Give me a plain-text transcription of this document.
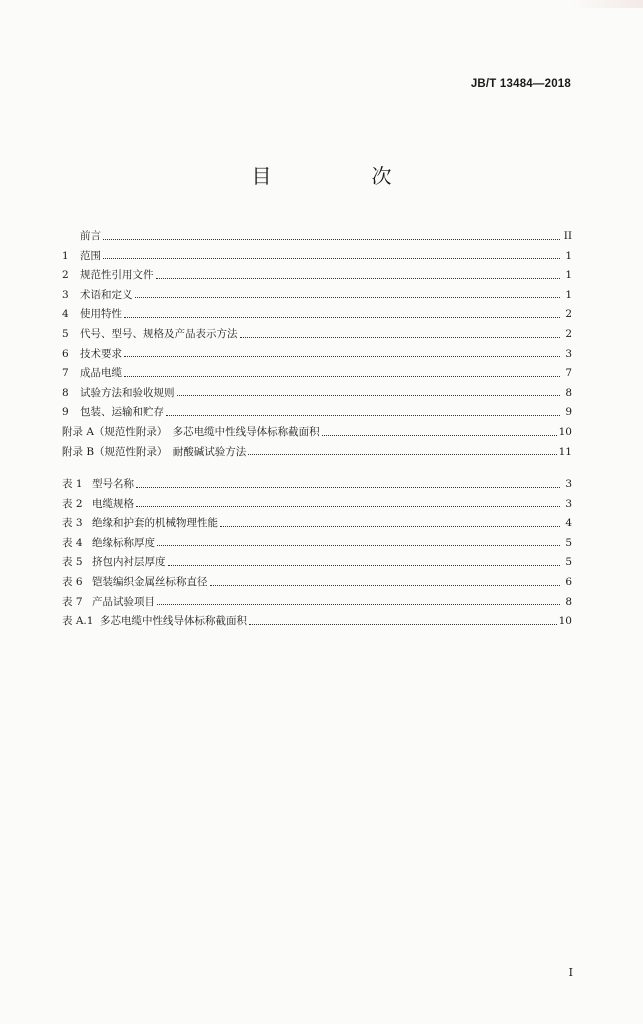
JB/T 13484—2018
目　次
前言	II
1	范围	1
2	规范性引用文件	1
3	术语和定义	1
4	使用特性	2
5	代号、型号、规格及产品表示方法	2
6	技术要求	3
7	成品电缆	7
8	试验方法和验收规则	8
9	包装、运输和贮存	9
附录 A（规范性附录）　多芯电缆中性线导体标称截面积	10
附录 B（规范性附录）　耐酸碱试验方法	11
表 1 型号名称	3
表 2 电缆规格	3
表 3 绝缘和护套的机械物理性能	4
表 4 绝缘标称厚度	5
表 5 挤包内衬层厚度	5
表 6 铠装编织金属丝标称直径	6
表 7 产品试验项目	8
表 A.1 多芯电缆中性线导体标称截面积	10
I
